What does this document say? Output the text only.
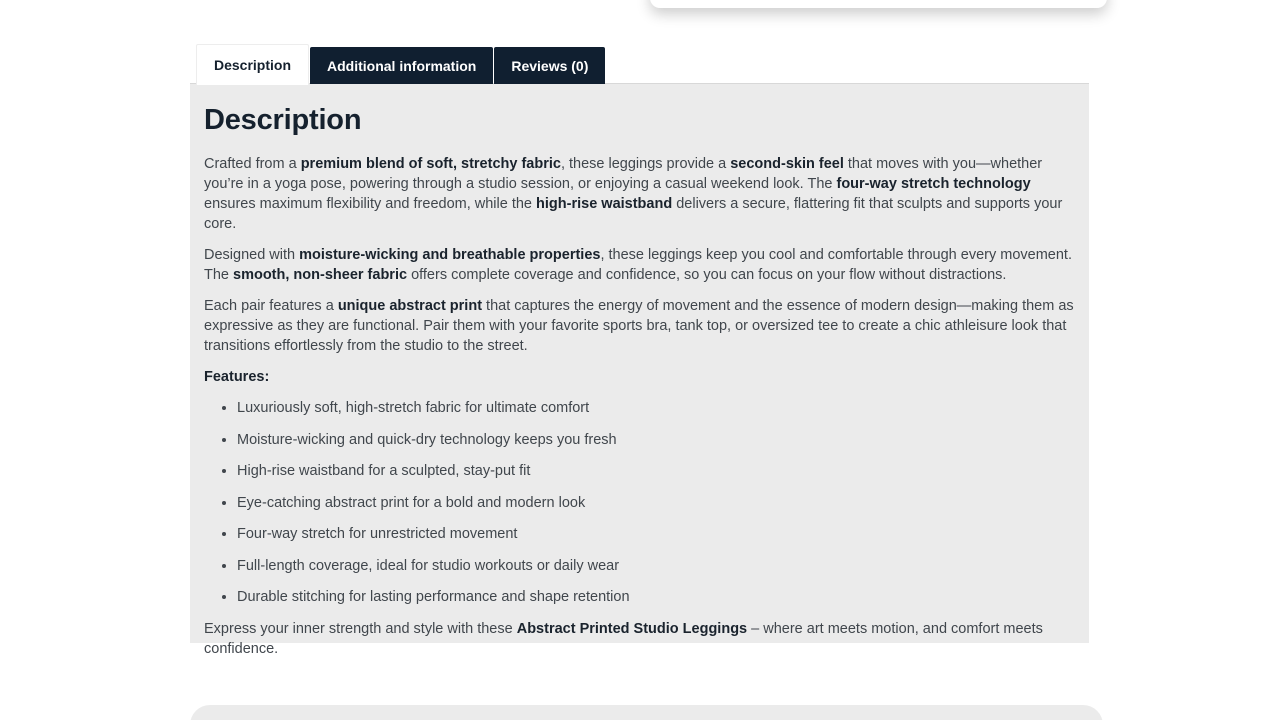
Description	Additional information	Reviews (0)
Description

Crafted from a premium blend of soft, stretchy fabric, these leggings provide a second-skin feel that moves with you—whether you’re in a yoga pose, powering through a studio session, or enjoying a casual weekend look. The four-way stretch technology ensures maximum flexibility and freedom, while the high-rise waistband delivers a secure, flattering fit that sculpts and supports your core.

Designed with moisture-wicking and breathable properties, these leggings keep you cool and comfortable through every movement. The smooth, non-sheer fabric offers complete coverage and confidence, so you can focus on your flow without distractions.

Each pair features a unique abstract print that captures the energy of movement and the essence of modern design—making them as expressive as they are functional. Pair them with your favorite sports bra, tank top, or oversized tee to create a chic athleisure look that transitions effortlessly from the studio to the street.

Features:

• Luxuriously soft, high-stretch fabric for ultimate comfort
• Moisture-wicking and quick-dry technology keeps you fresh
• High-rise waistband for a sculpted, stay-put fit
• Eye-catching abstract print for a bold and modern look
• Four-way stretch for unrestricted movement
• Full-length coverage, ideal for studio workouts or daily wear
• Durable stitching for lasting performance and shape retention

Express your inner strength and style with these Abstract Printed Studio Leggings – where art meets motion, and comfort meets confidence.
